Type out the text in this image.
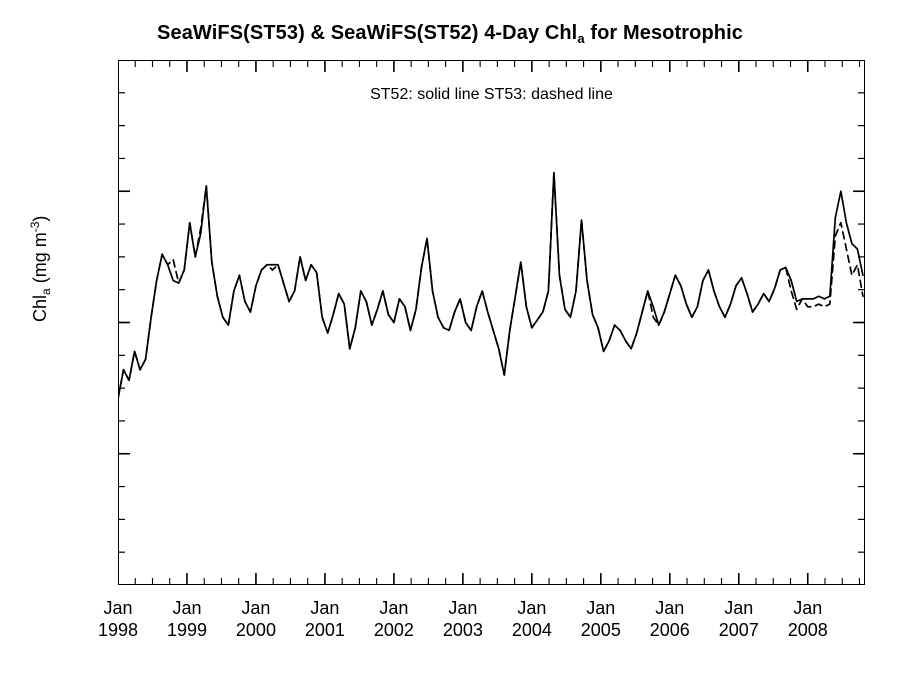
SeaWiFS(ST53) & SeaWiFS(ST52) 4-Day Chl$_a$ for Mesotrophic
Chl$_a$ (mg $m^{-3}$)
Jan
1998
Jan
1999
Jan
2000
Jan
2001
Jan
2002
Jan
2003
Jan
2004
Jan
2005
Jan
2006
Jan
2007
Jan
2008
ST52: solid line ST53: dashed line
